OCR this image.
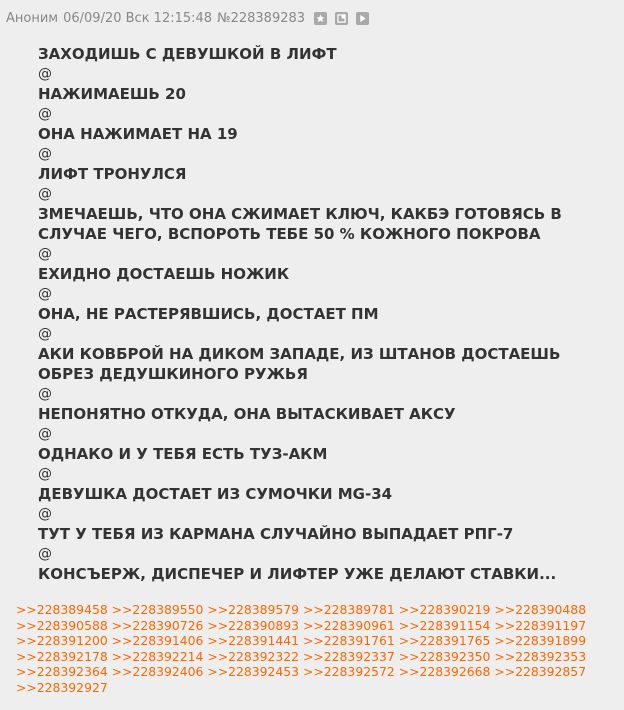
Аноним 06/09/20 Вск 12:15:48 №228389283
ЗАХОДИШЬ С ДЕВУШКОЙ В ЛИФТ
@
НАЖИМАЕШЬ 20
@
ОНА НАЖИМАЕТ НА 19
@
ЛИФТ ТРОНУЛСЯ
@
ЗМЕЧАЕШЬ, ЧТО ОНА СЖИМАЕТ КЛЮЧ, КАКБЭ ГОТОВЯСЬ В СЛУЧАЕ ЧЕГО, ВСПОРОТЬ ТЕБЕ 50 % КОЖНОГО ПОКРОВА
@
ЕХИДНО ДОСТАЕШЬ НОЖИК
@
ОНА, НЕ РАСТЕРЯВШИСЬ, ДОСТАЕТ ПМ
@
АКИ КОВБРОЙ НА ДИКОМ ЗАПАДЕ, ИЗ ШТАНОВ ДОСТАЕШЬ ОБРЕЗ ДЕДУШКИНОГО РУЖЬЯ
@
НЕПОНЯТНО ОТКУДА, ОНА ВЫТАСКИВАЕТ АКСУ
@
ОДНАКО И У ТЕБЯ ЕСТЬ ТУЗ-АКМ
@
ДЕВУШКА ДОСТАЕТ ИЗ СУМОЧКИ MG-34
@
ТУТ У ТЕБЯ ИЗ КАРМАНА СЛУЧАЙНО ВЫПАДАЕТ РПГ-7
@
КОНСЪЕРЖ, ДИСПЕЧЕР И ЛИФТЕР УЖЕ ДЕЛАЮТ СТАВКИ...
>>228389458 >>228389550 >>228389579 >>228389781 >>228390219 >>228390488 >>228390588 >>228390726 >>228390893 >>228390961 >>228391154 >>228391197 >>228391200 >>228391406 >>228391441 >>228391761 >>228391765 >>228391899 >>228392178 >>228392214 >>228392322 >>228392337 >>228392350 >>228392353 >>228392364 >>228392406 >>228392453 >>228392572 >>228392668 >>228392857 >>228392927
